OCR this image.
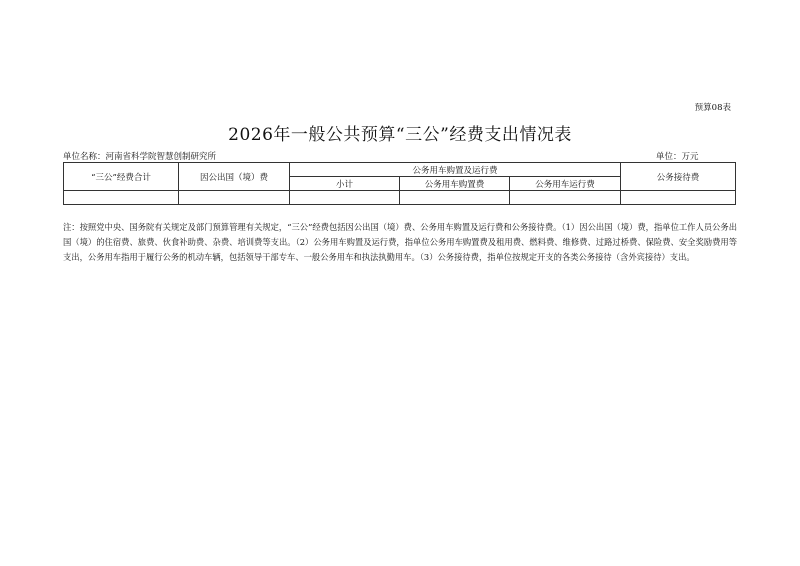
预算08表
2026年一般公共预算“三公”经费支出情况表
单位名称：河南省科学院智慧创制研究所	单位：万元
“三公”经费合计	因公出国（境）费	公务用车购置及运行费			公务接待费
		小计	公务用车购置费	公务用车运行费	

注：按照党中央、国务院有关规定及部门预算管理有关规定，“三公”经费包括因公出国（境）费、公务用车购置及运行费和公务接待费。（1）因公出国（境）费，指单位工作人员公务出国（境）的住宿费、旅费、伙食补助费、杂费、培训费等支出。（2）公务用车购置及运行费，指单位公务用车购置费及租用费、燃料费、维修费、过路过桥费、保险费、安全奖励费用等支出，公务用车指用于履行公务的机动车辆，包括领导干部专车、一般公务用车和执法执勤用车。（3）公务接待费，指单位按规定开支的各类公务接待（含外宾接待）支出。
